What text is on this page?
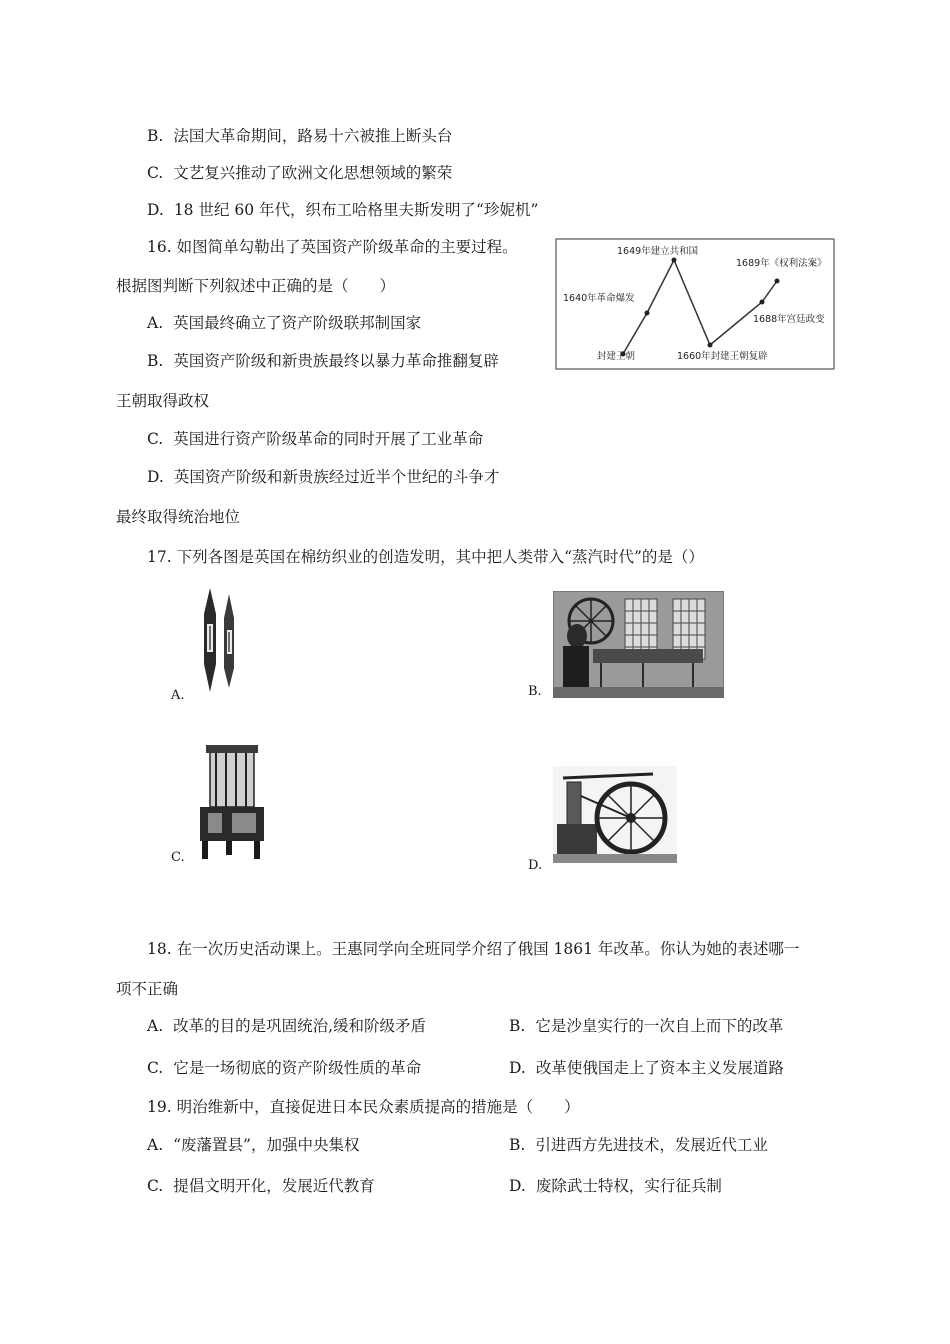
B. 法国大革命期间，路易十六被推上断头台
C. 文艺复兴推动了欧洲文化思想领域的繁荣
D. 18 世纪 60 年代，织布工哈格里夫斯发明了“珍妮机”
16. 如图简单勾勒出了英国资产阶级革命的主要过程。
根据图判断下列叙述中正确的是（　　）
A. 英国最终确立了资产阶级联邦制国家
B. 英国资产阶级和新贵族最终以暴力革命推翻复辟
王朝取得政权
C. 英国进行资产阶级革命的同时开展了工业革命
D. 英国资产阶级和新贵族经过近半个世纪的斗争才
最终取得统治地位
封建王朝
1640年革命爆发
1649年建立共和国
1660年封建王朝复辟
1688年宫廷政变
1689年《权利法案》
17. 下列各图是英国在棉纺织业的创造发明，其中把人类带入“蒸汽时代”的是（）
A.	B.
C.
D.
18. 在一次历史活动课上。王惠同学向全班同学介绍了俄国 1861 年改革。你认为她的表述哪一
项不正确
A. 改革的目的是巩固统治,缓和阶级矛盾	B. 它是沙皇实行的一次自上而下的改革
C. 它是一场彻底的资产阶级性质的革命	D. 改革使俄国走上了资本主义发展道路
19. 明治维新中，直接促进日本民众素质提高的措施是（　　）
A. “废藩置县”，加强中央集权	B. 引进西方先进技术，发展近代工业
C. 提倡文明开化，发展近代教育	D. 废除武士特权，实行征兵制
